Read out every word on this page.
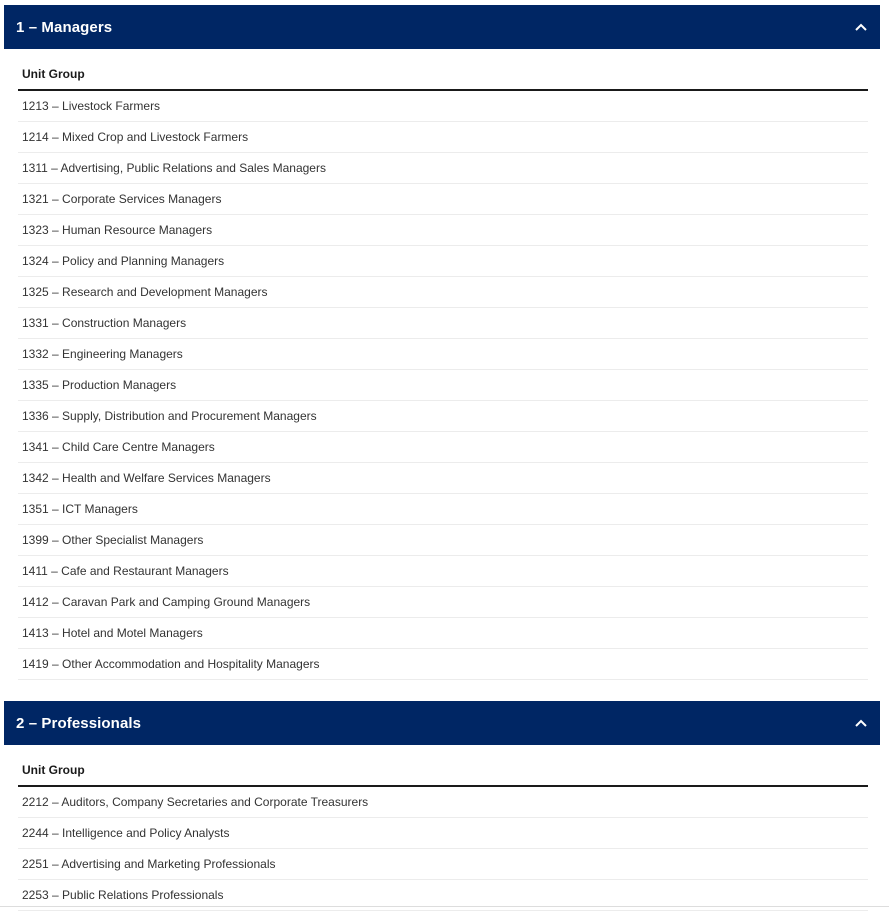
1 – Managers
Unit Group
1213 – Livestock Farmers
1214 – Mixed Crop and Livestock Farmers
1311 – Advertising, Public Relations and Sales Managers
1321 – Corporate Services Managers
1323 – Human Resource Managers
1324 – Policy and Planning Managers
1325 – Research and Development Managers
1331 – Construction Managers
1332 – Engineering Managers
1335 – Production Managers
1336 – Supply, Distribution and Procurement Managers
1341 – Child Care Centre Managers
1342 – Health and Welfare Services Managers
1351 – ICT Managers
1399 – Other Specialist Managers
1411 – Cafe and Restaurant Managers
1412 – Caravan Park and Camping Ground Managers
1413 – Hotel and Motel Managers
1419 – Other Accommodation and Hospitality Managers
2 – Professionals
Unit Group
2212 – Auditors, Company Secretaries and Corporate Treasurers
2244 – Intelligence and Policy Analysts
2251 – Advertising and Marketing Professionals
2253 – Public Relations Professionals
